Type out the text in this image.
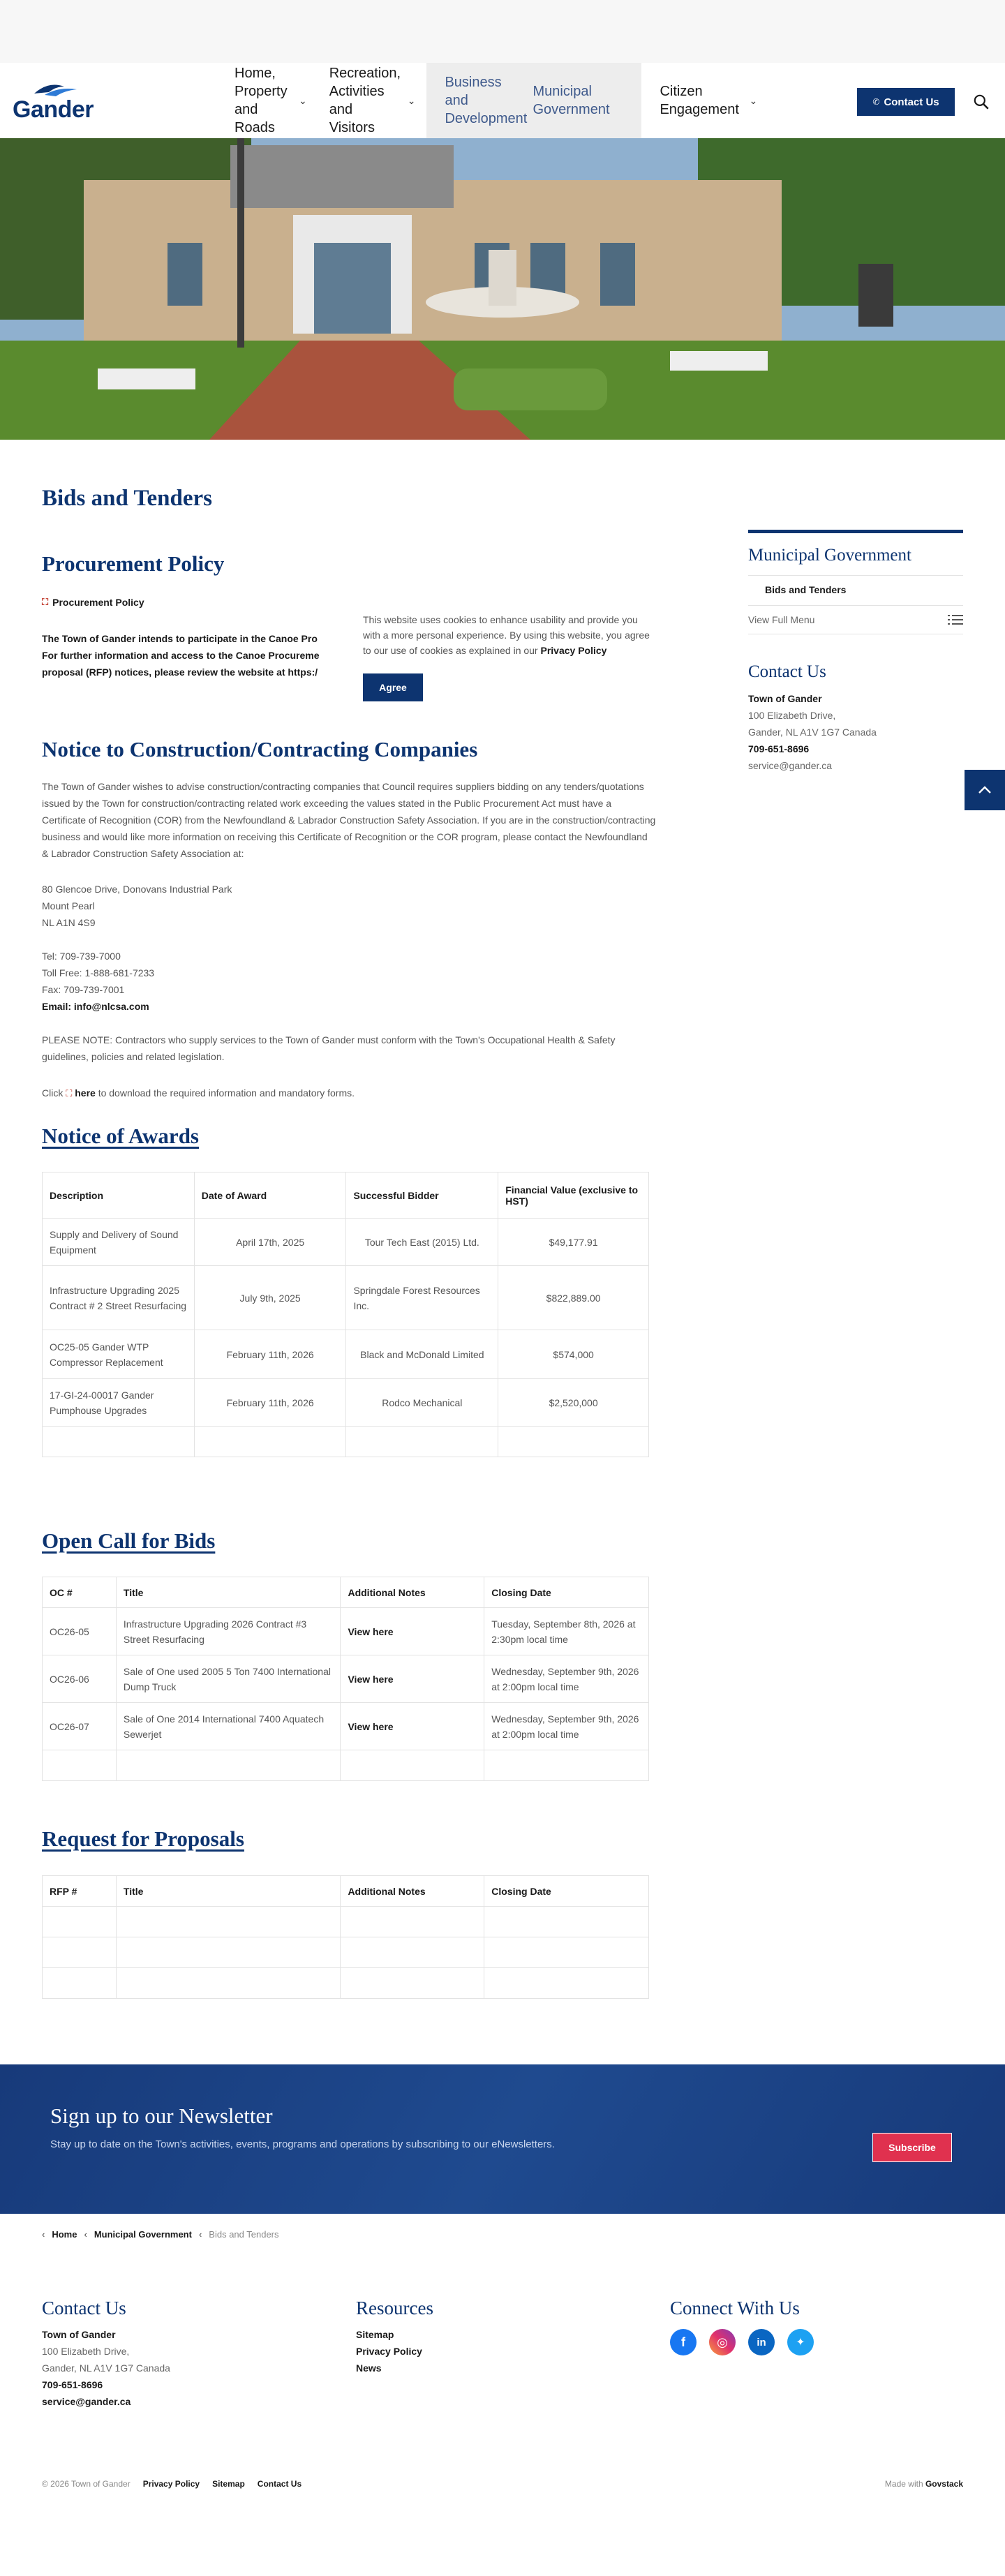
Gander
Home, Property and Roads
⌄
Recreation, Activities and Visitors
⌄
Business and Development
Municipal Government
Citizen Engagement
⌄	✆ Contact Us
Bids and Tenders
Procurement Policy
⛶ Procurement Policy
The Town of Gander intends to participate in the Canoe Pro
For further information and access to the Canoe Procureme
proposal (RFP) notices, please review the website at https:/
Notice to Construction/Contracting Companies

This website uses cookies to enhance usability and provide you with a more personal experience. By using this website, you agree to our use of cookies as explained in our Privacy Policy

Agree

The Town of Gander wishes to advise construction/contracting companies that Council requires suppliers bidding on any tenders/quotations issued by the Town for construction/contracting related work exceeding the values stated in the Public Procurement Act must have a Certificate of Recognition (COR) from the Newfoundland & Labrador Construction Safety Association. If you are in the construction/contracting business and would like more information on receiving this Certificate of Recognition or the COR program, please contact the Newfoundland & Labrador Construction Safety Association at:

80 Glencoe Drive, Donovans Industrial Park
Mount Pearl
NL A1N 4S9
Tel: 709-739-7000
Toll Free: 1-888-681-7233
Fax: 709-739-7001
Email: info@nlcsa.com

PLEASE NOTE: Contractors who supply services to the Town of Gander must conform with the Town's Occupational Health & Safety guidelines, policies and related legislation.

Click ⛶ here to download the required information and mandatory forms.

Notice of Awards
Description	Date of Award	Successful Bidder	Financial Value (exclusive to HST)
Supply and Delivery of Sound Equipment	April 17th, 2025	Tour Tech East (2015) Ltd.	$49,177.91
Infrastructure Upgrading 2025 Contract # 2 Street Resurfacing	July 9th, 2025	Springdale Forest Resources Inc.	$822,889.00
OC25-05 Gander WTP Compressor Replacement	February 11th, 2026	Black and McDonald Limited	$574,000
17-GI-24-00017 Gander Pumphouse Upgrades	February 11th, 2026	Rodco Mechanical	$2,520,000

Open Call for Bids
OC #	Title	Additional Notes	Closing Date
OC26-05	Infrastructure Upgrading 2026 Contract #3 Street Resurfacing	View here	Tuesday, September 8th, 2026 at 2:30pm local time
OC26-06	Sale of One used 2005 5 Ton 7400 International Dump Truck	View here	Wednesday, September 9th, 2026 at 2:00pm local time
OC26-07	Sale of One 2014 International 7400 Aquatech Sewerjet	View here	Wednesday, September 9th, 2026 at 2:00pm local time

Request for Proposals
RFP #	Title	Additional Notes	Closing Date

Municipal Government
Bids and Tenders
View Full Menu
Contact Us
Town of Gander
100 Elizabeth Drive,
Gander, NL A1V 1G7 Canada
709-651-8696
service@gander.ca
Sign up to our Newsletter
Stay up to date on the Town's activities, events, programs and operations by subscribing to our eNewsletters.	Subscribe
‹ Home ‹ Municipal Government ‹ Bids and Tenders
Contact Us
Town of Gander
100 Elizabeth Drive,
Gander, NL A1V 1G7 Canada
709-651-8696
service@gander.ca
Resources
Sitemap
Privacy Policy
News
Connect With Us
f	◎	in	✦
© 2026 Town of Gander Privacy Policy Sitemap Contact Us	Made with Govstack
